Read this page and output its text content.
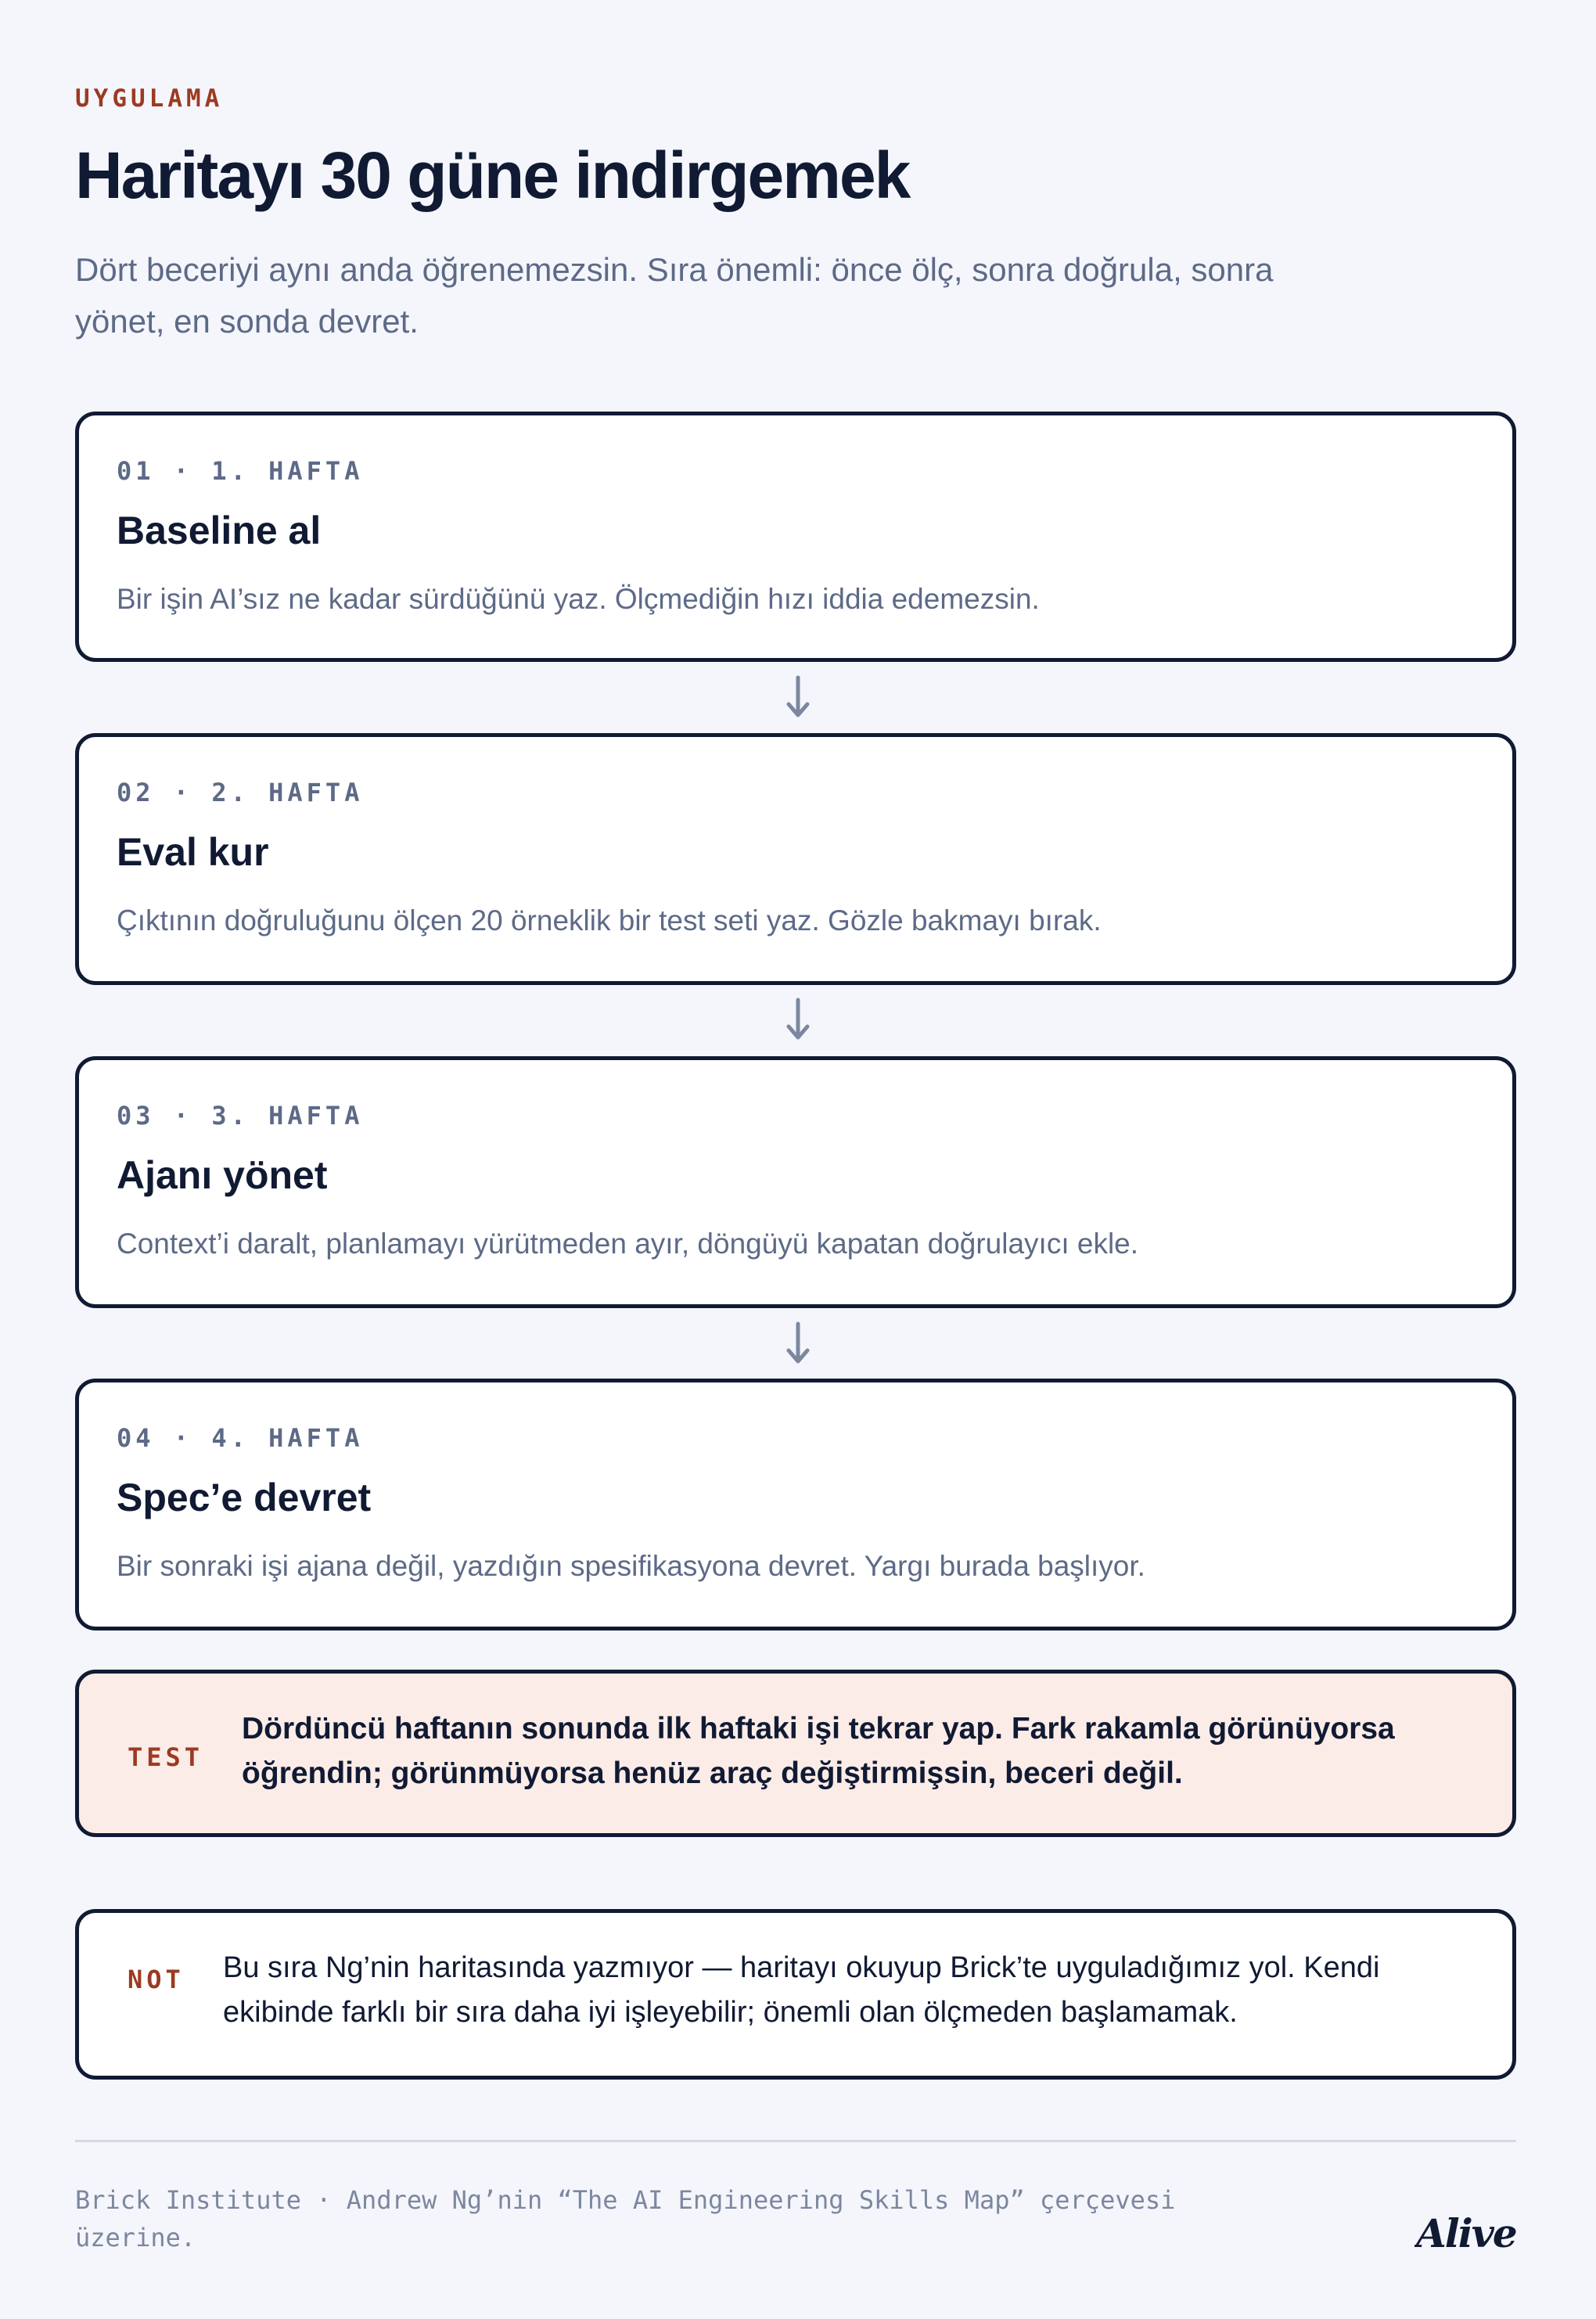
UYGULAMA
Haritayı 30 güne indirgemek

Dört beceriyi aynı anda öğrenemezsin. Sıra önemli: önce ölç, sonra doğrula, sonra yönet, en sonda devret.

01 · 1. HAFTA
Baseline al
Bir işin AI’sız ne kadar sürdüğünü yaz. Ölçmediğin hızı iddia edemezsin.
02 · 2. HAFTA
Eval kur
Çıktının doğruluğunu ölçen 20 örneklik bir test seti yaz. Gözle bakmayı bırak.
03 · 3. HAFTA
Ajanı yönet
Context’i daralt, planlamayı yürütmeden ayır, döngüyü kapatan doğrulayıcı ekle.
04 · 4. HAFTA
Spec’e devret
Bir sonraki işi ajana değil, yazdığın spesifikasyona devret. Yargı burada başlıyor.
TEST
Dördüncü haftanın sonunda ilk haftaki işi tekrar yap. Fark rakamla görünüyorsa öğrendin; görünmüyorsa henüz araç değiştirmişsin, beceri değil.
NOT Bu sıra Ng’nin haritasında yazmıyor — haritayı okuyup Brick’te uyguladığımız yol. Kendi ekibinde farklı bir sıra daha iyi işleyebilir; önemli olan ölçmeden başlamamak.
Brick Institute · Andrew Ng’nin “The AI Engineering Skills Map” çerçevesi üzerine.	Alive
